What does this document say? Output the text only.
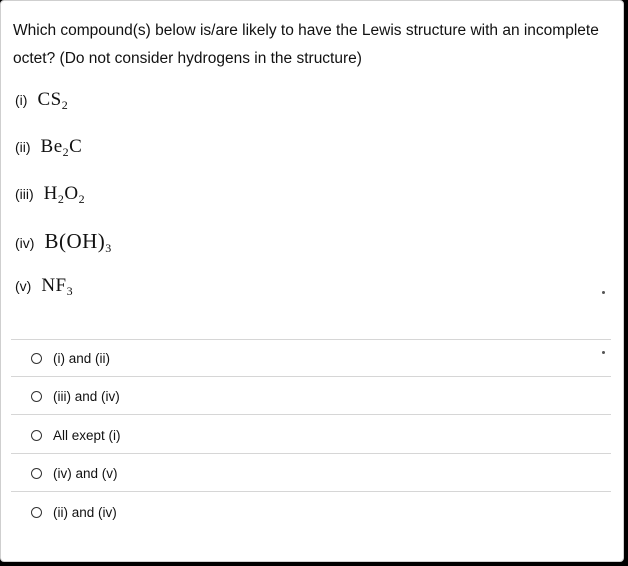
Which compound(s) below is/are likely to have the Lewis structure with an incomplete octet? (Do not consider hydrogens in the structure)

(i) $CS_2$
(ii) $Be_2C$
(iii) $H_2O_2$
(iv) $B(OH)_3$
(v) $NF_3$
(i) and (ii)
(iii) and (iv)
All exept (i)
(iv) and (v)
(ii) and (iv)
